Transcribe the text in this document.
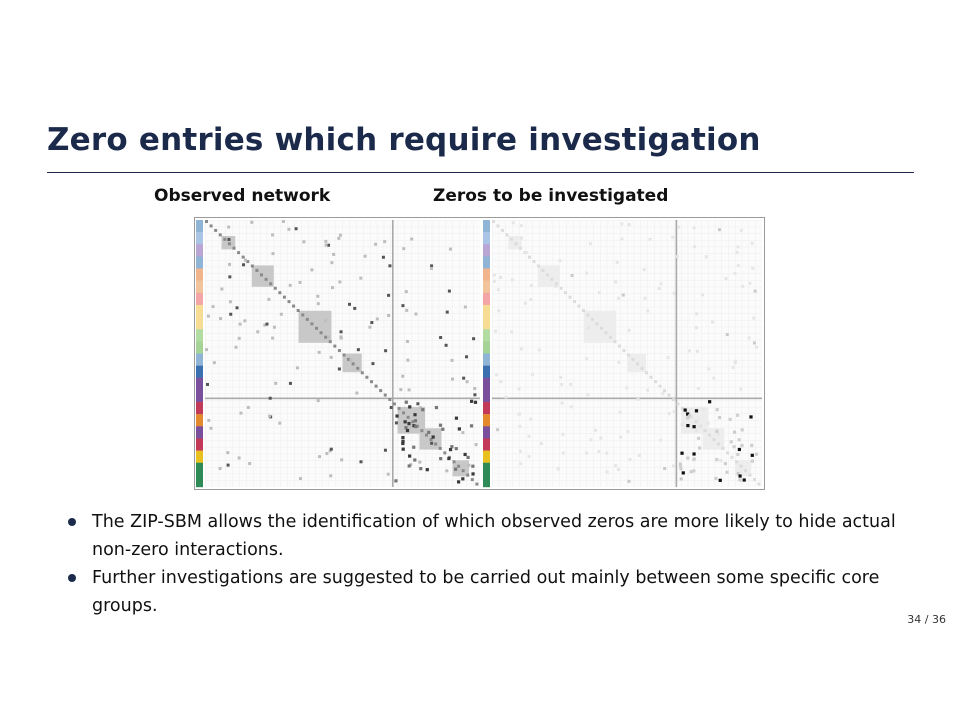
Zero entries which require investigation
Observed network	Zeros to be investigated
The ZIP-SBM allows the identification of which observed zeros are more likely to hide actual non-zero interactions.
Further investigations are suggested to be carried out mainly between some specific core groups.
34 / 36
